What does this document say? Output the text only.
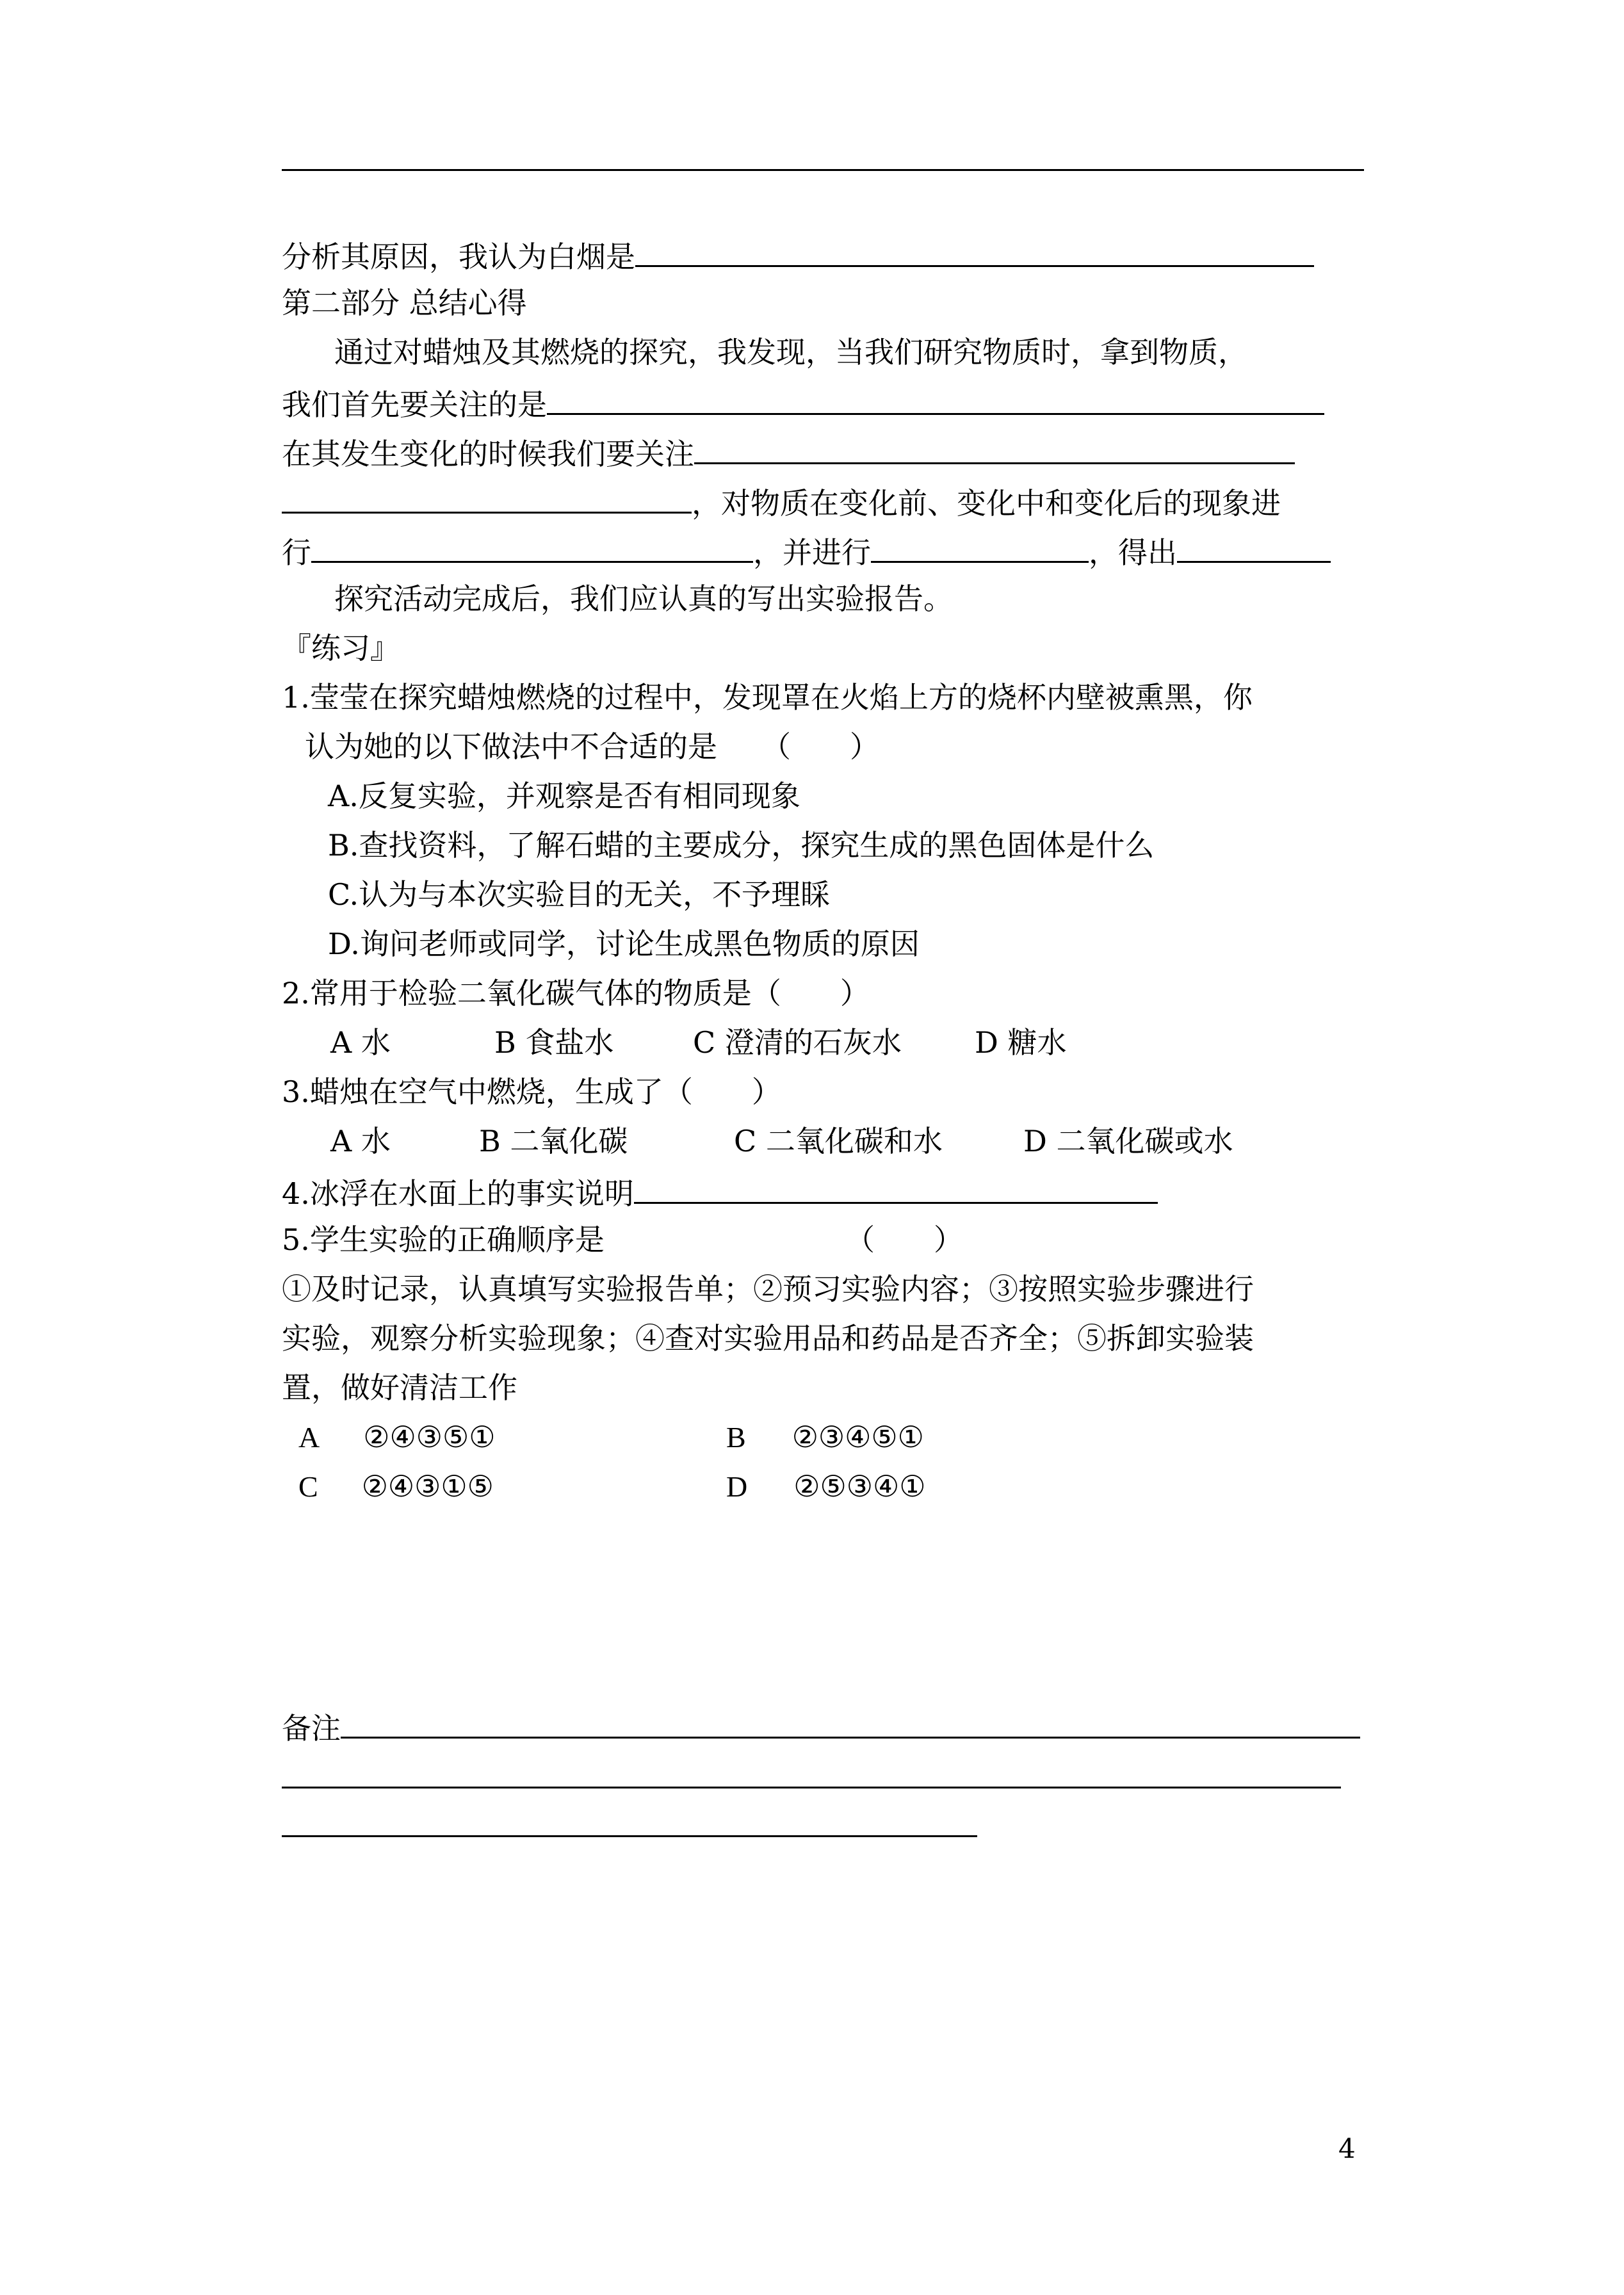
分析其原因，我认为白烟是
第二部分 总结心得
通过对蜡烛及其燃烧的探究，我发现，当我们研究物质时，拿到物质，
我们首先要关注的是
在其发生变化的时候我们要关注
，对物质在变化前、变化中和变化后的现象进
行	，并进行	，得出
探究活动完成后，我们应认真的写出实验报告。
『练习』
1.莹莹在探究蜡烛燃烧的过程中，发现罩在火焰上方的烧杯内壁被熏黑，你
认为她的以下做法中不合适的是　　（　　）
A.反复实验，并观察是否有相同现象
B.查找资料，了解石蜡的主要成分，探究生成的黑色固体是什么
C.认为与本次实验目的无关，不予理睬
D.询问老师或同学，讨论生成黑色物质的原因
2.常用于检验二氧化碳气体的物质是（　　）
A 水	B 食盐水	C 澄清的石灰水 D 糖水
3.蜡烛在空气中燃烧，生成了（　　）
A 水	B 二氧化碳	C 二氧化碳和水	D 二氧化碳或水
4.冰浮在水面上的事实说明
5.学生实验的正确顺序是	（　　）
①及时记录，认真填写实验报告单；②预习实验内容；③按照实验步骤进行
实验，观察分析实验现象；④查对实验用品和药品是否齐全；⑤拆卸实验装
置，做好清洁工作
A ②④③⑤①	B ②③④⑤①
C ②④③①⑤	D ②⑤③④①
备注
4
